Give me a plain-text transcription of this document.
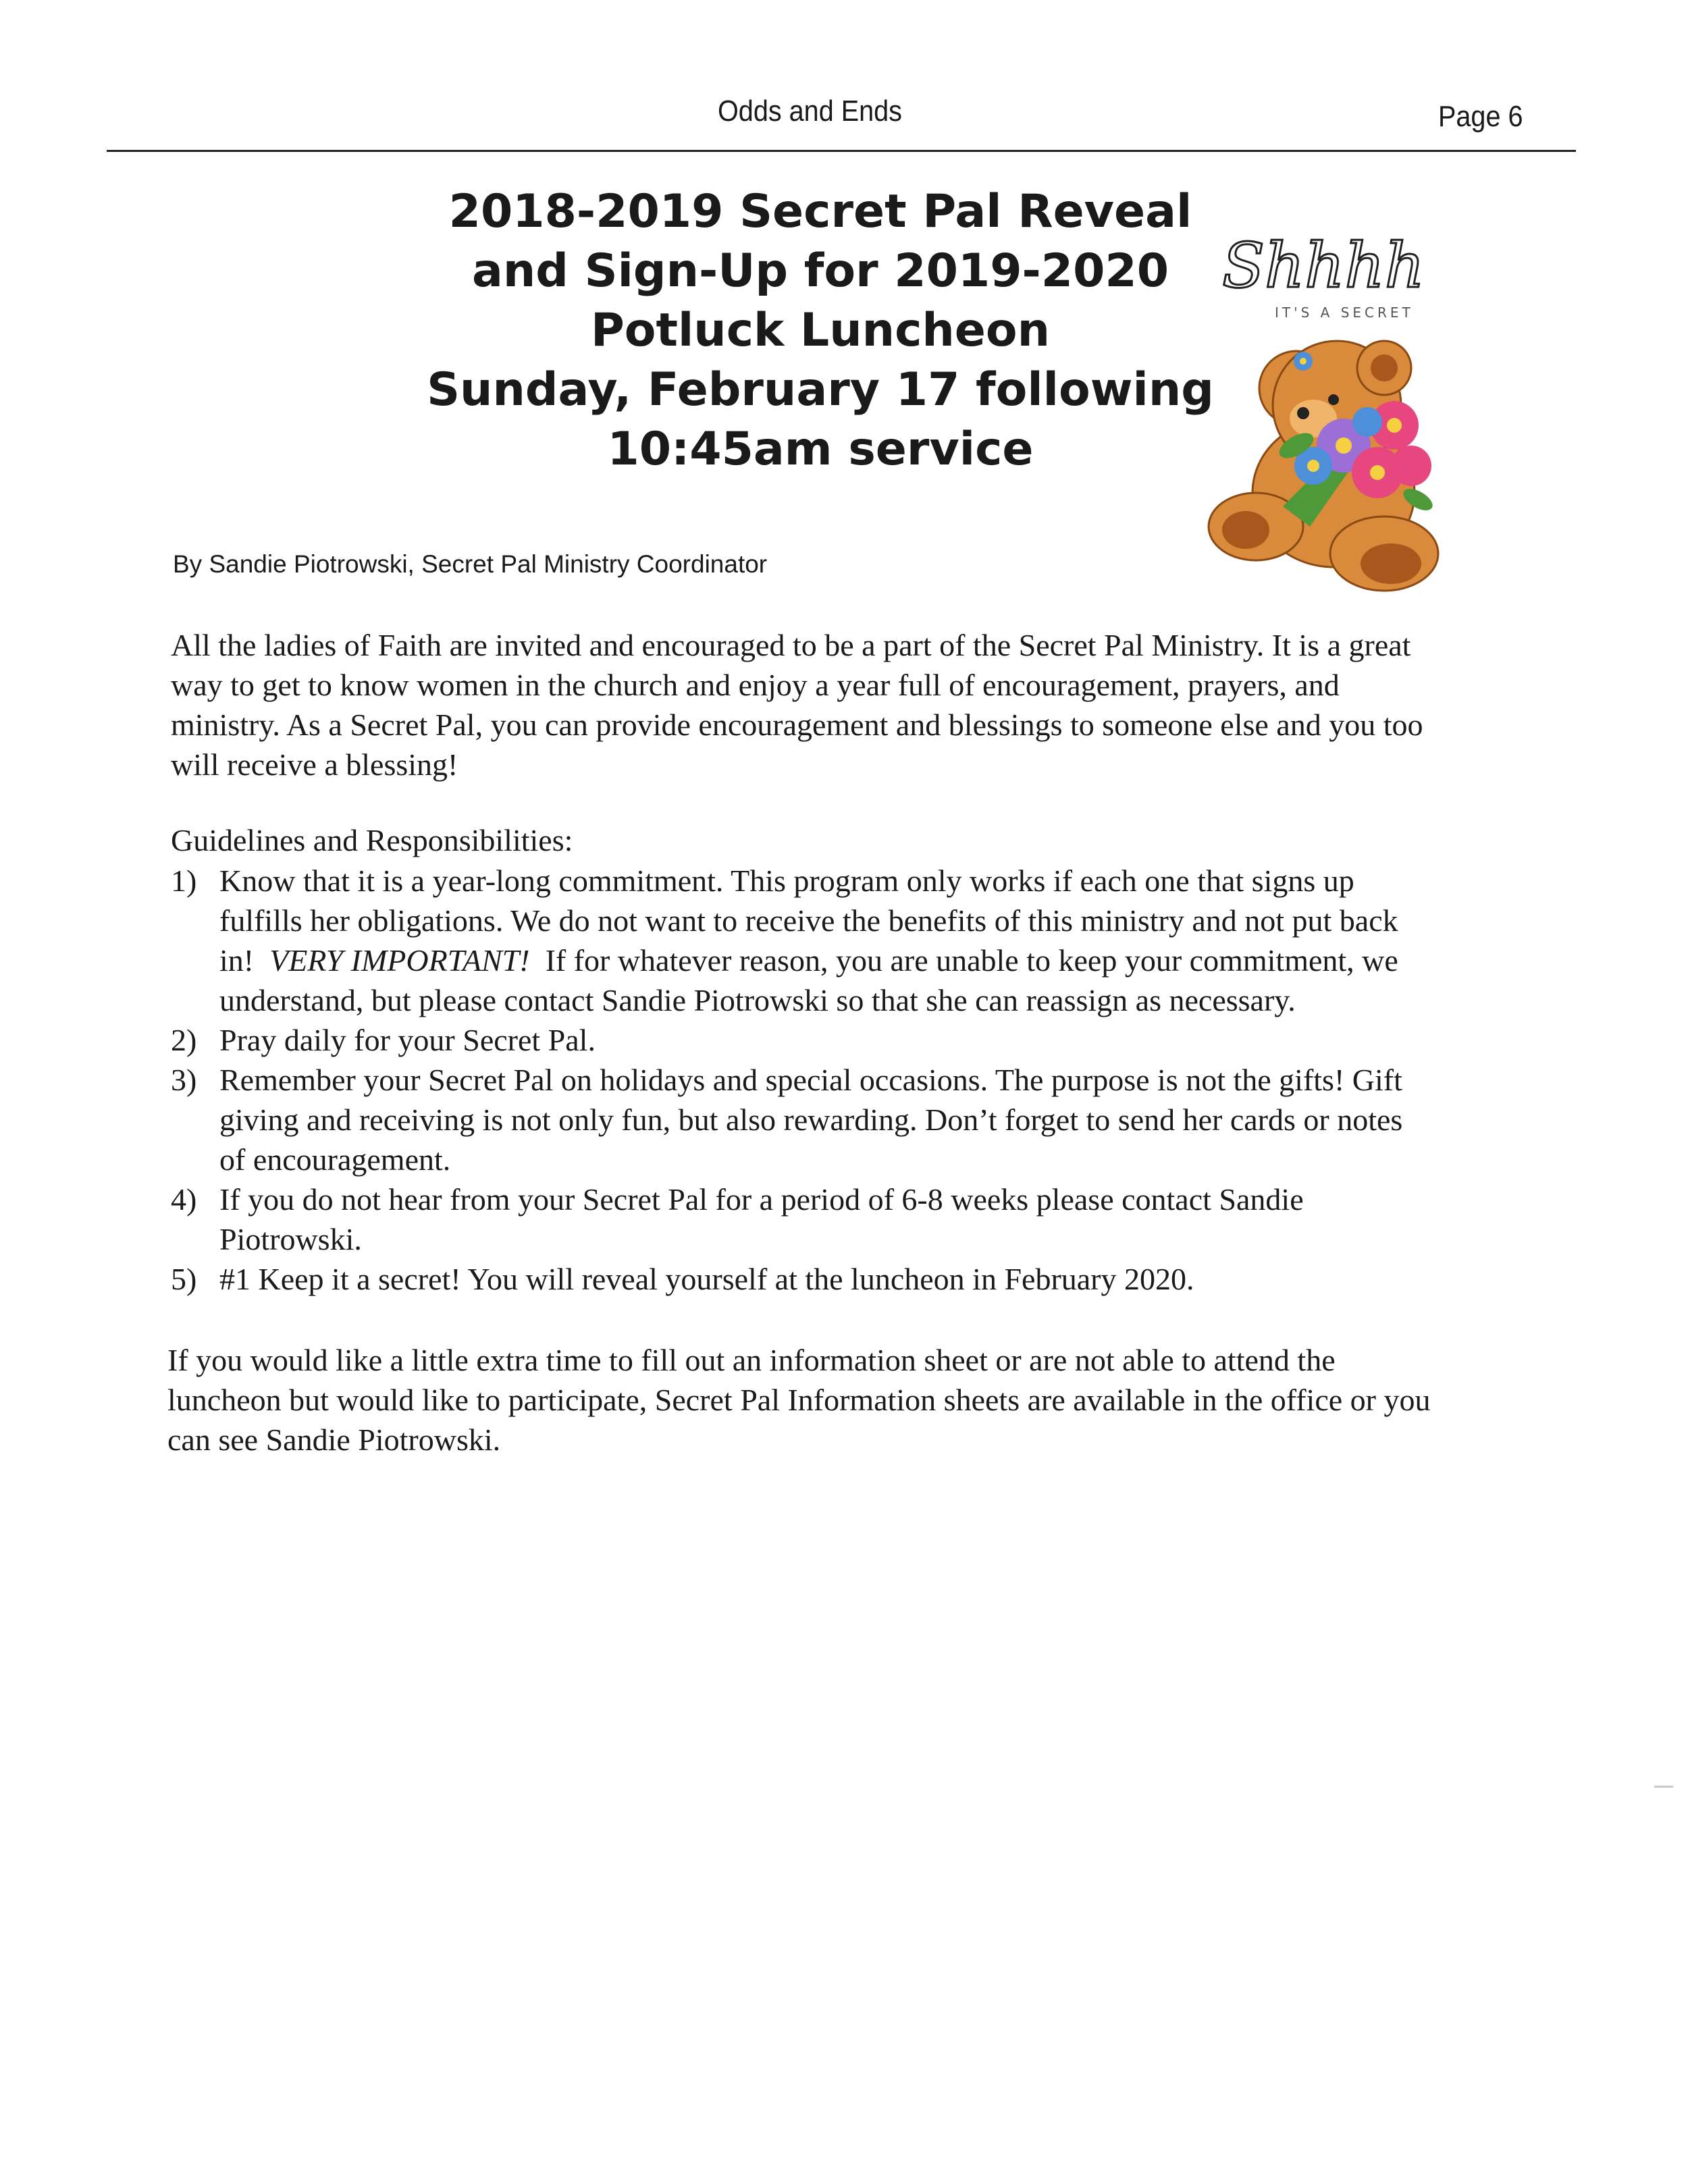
Odds and Ends	Page 6
2018-2019 Secret Pal Reveal
and Sign-Up for 2019-2020
Potluck Luncheon
Sunday, February 17 following
10:45am service
Shhhh
IT'S A SECRET
By Sandie Piotrowski, Secret Pal Ministry Coordinator
All the ladies of Faith are invited and encouraged to be a part of the Secret Pal Ministry. It is a great
way to get to know women in the church and enjoy a year full of encouragement, prayers, and
ministry. As a Secret Pal, you can provide encouragement and blessings to someone else and you too
will receive a blessing!
Guidelines and Responsibilities:
1) Know that it is a year-long commitment. This program only works if each one that signs up
fulfills her obligations. We do not want to receive the benefits of this ministry and not put back
in!  VERY IMPORTANT!  If for whatever reason, you are unable to keep your commitment, we
understand, but please contact Sandie Piotrowski so that she can reassign as necessary.
2) Pray daily for your Secret Pal.
3) Remember your Secret Pal on holidays and special occasions. The purpose is not the gifts! Gift
giving and receiving is not only fun, but also rewarding. Don’t forget to send her cards or notes
of encouragement.
4) If you do not hear from your Secret Pal for a period of 6-8 weeks please contact Sandie
Piotrowski.
5) #1 Keep it a secret! You will reveal yourself at the luncheon in February 2020.
If you would like a little extra time to fill out an information sheet or are not able to attend the
luncheon but would like to participate, Secret Pal Information sheets are available in the office or you
can see Sandie Piotrowski.
